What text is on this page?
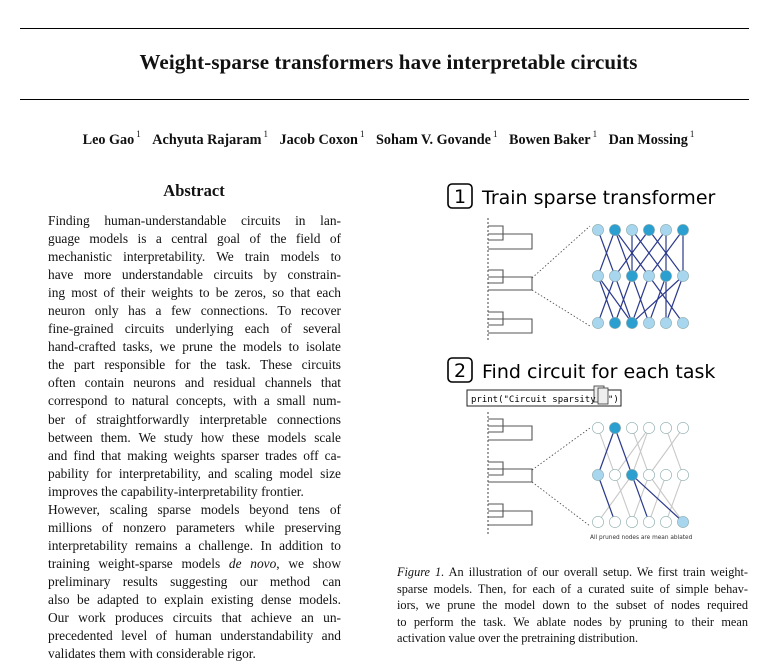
Weight-sparse transformers have interpretable circuits
Leo Gao $^1$ Achyuta Rajaram $^1$ Jacob Coxon $^1$ Soham V. Govande $^1$ Bowen Baker $^1$ Dan Mossing $^1$
Abstract
Finding human-understandable circuits in lan-
guage models is a central goal of the field of
mechanistic interpretability. We train models to
have more understandable circuits by constrain-
ing most of their weights to be zeros, so that each
neuron only has a few connections. To recover
fine-grained circuits underlying each of several
hand-crafted tasks, we prune the models to isolate
the part responsible for the task. These circuits
often contain neurons and residual channels that
correspond to natural concepts, with a small num-
ber of straightforwardly interpretable connections
between them. We study how these models scale
and find that making weights sparser trades off ca-
pability for interpretability, and scaling model size
improves the capability-interpretability frontier.
However, scaling sparse models beyond tens of
millions of nonzero parameters while preserving
interpretability remains a challenge. In addition to
training weight-sparse models de novo, we show
preliminary results suggesting our method can
also be adapted to explain existing dense models.
Our work produces circuits that achieve an un-
precedented level of human understandability and
validates them with considerable rigor.
1 Train sparse transformer
2 Find circuit for each task
print("Circuit sparsity ")
All pruned nodes are mean ablated
Figure 1. An illustration of our overall setup. We first train weight-
sparse models. Then, for each of a curated suite of simple behav-
iors, we prune the model down to the subset of nodes required
to perform the task. We ablate nodes by pruning to their mean
activation value over the pretraining distribution.
